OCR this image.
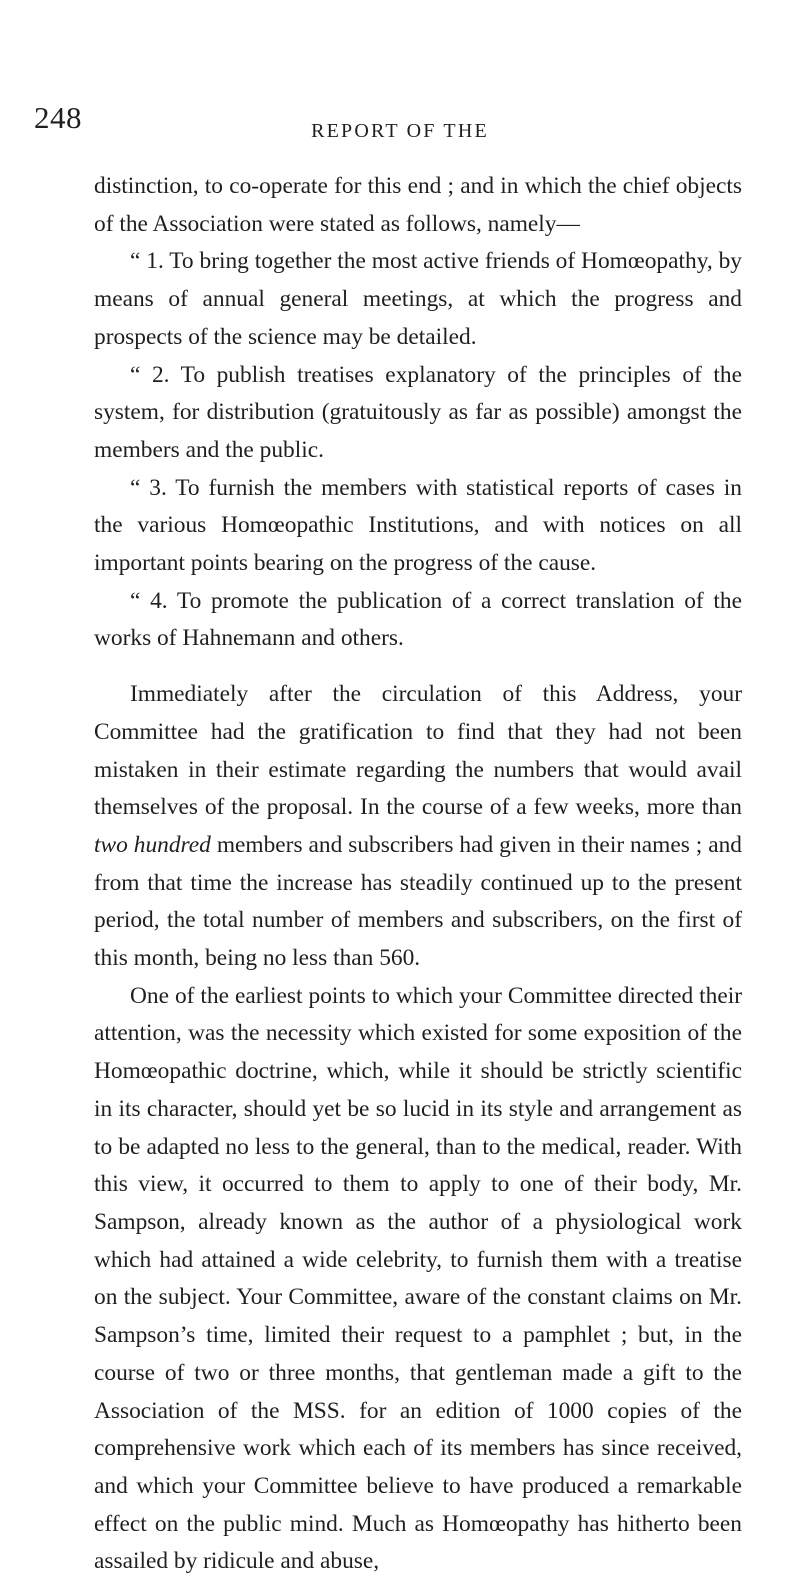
248	REPORT OF THE

distinction, to co-operate for this end ; and in which the chief objects of the Association were stated as follows, namely—

“ 1. To bring together the most active friends of Homœopathy, by means of annual general meetings, at which the progress and prospects of the science may be detailed.

“ 2. To publish treatises explanatory of the principles of the system, for distribution (gratuitously as far as possible) amongst the members and the public.

“ 3. To furnish the members with statistical reports of cases in the various Homœopathic Institutions, and with notices on all important points bearing on the progress of the cause.

“ 4. To promote the publication of a correct translation of the works of Hahnemann and others.

Immediately after the circulation of this Address, your Committee had the gratification to find that they had not been mistaken in their estimate regarding the numbers that would avail themselves of the proposal. In the course of a few weeks, more than two hundred members and subscribers had given in their names ; and from that time the increase has steadily continued up to the present period, the total number of members and subscribers, on the first of this month, being no less than 560.

One of the earliest points to which your Committee directed their attention, was the necessity which existed for some exposition of the Homœopathic doctrine, which, while it should be strictly scientific in its character, should yet be so lucid in its style and arrangement as to be adapted no less to the general, than to the medical, reader. With this view, it occurred to them to apply to one of their body, Mr. Sampson, already known as the author of a physiological work which had attained a wide celebrity, to furnish them with a treatise on the subject. Your Committee, aware of the constant claims on Mr. Sampson’s time, limited their request to a pamphlet ; but, in the course of two or three months, that gentleman made a gift to the Association of the MSS. for an edition of 1000 copies of the comprehensive work which each of its members has since received, and which your Committee believe to have produced a remarkable effect on the public mind. Much as Homœopathy has hitherto been assailed by ridicule and abuse,
